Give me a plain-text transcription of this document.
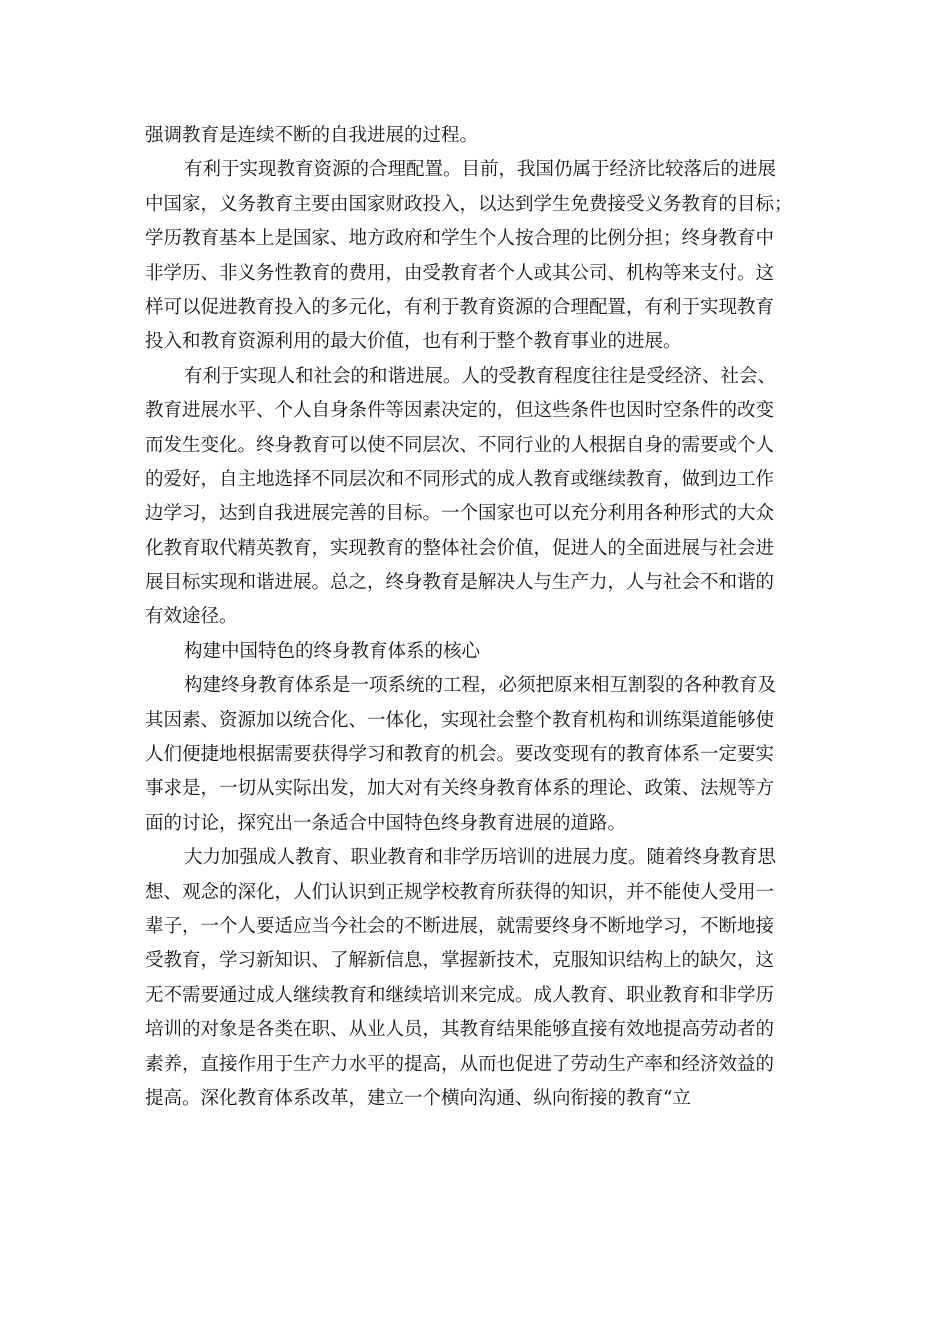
强调教育是连续不断的自我进展的过程。
有利于实现教育资源的合理配置。目前，我国仍属于经济比较落后的进展
中国家，义务教育主要由国家财政投入，以达到学生免费接受义务教育的目标；
学历教育基本上是国家、地方政府和学生个人按合理的比例分担；终身教育中
非学历、非义务性教育的费用，由受教育者个人或其公司、机构等来支付。这
样可以促进教育投入的多元化，有利于教育资源的合理配置，有利于实现教育
投入和教育资源利用的最大价值，也有利于整个教育事业的进展。
有利于实现人和社会的和谐进展。人的受教育程度往往是受经济、社会、
教育进展水平、个人自身条件等因素决定的，但这些条件也因时空条件的改变
而发生变化。终身教育可以使不同层次、不同行业的人根据自身的需要或个人
的爱好，自主地选择不同层次和不同形式的成人教育或继续教育，做到边工作
边学习，达到自我进展完善的目标。一个国家也可以充分利用各种形式的大众
化教育取代精英教育，实现教育的整体社会价值，促进人的全面进展与社会进
展目标实现和谐进展。总之，终身教育是解决人与生产力，人与社会不和谐的
有效途径。
构建中国特色的终身教育体系的核心
构建终身教育体系是一项系统的工程，必须把原来相互割裂的各种教育及
其因素、资源加以统合化、一体化，实现社会整个教育机构和训练渠道能够使
人们便捷地根据需要获得学习和教育的机会。要改变现有的教育体系一定要实
事求是，一切从实际出发，加大对有关终身教育体系的理论、政策、法规等方
面的讨论，探究出一条适合中国特色终身教育进展的道路。
大力加强成人教育、职业教育和非学历培训的进展力度。随着终身教育思
想、观念的深化，人们认识到正规学校教育所获得的知识，并不能使人受用一
辈子，一个人要适应当今社会的不断进展，就需要终身不断地学习，不断地接
受教育，学习新知识、了解新信息，掌握新技术，克服知识结构上的缺欠，这
无不需要通过成人继续教育和继续培训来完成。成人教育、职业教育和非学历
培训的对象是各类在职、从业人员，其教育结果能够直接有效地提高劳动者的
素养，直接作用于生产力水平的提高，从而也促进了劳动生产率和经济效益的
提高。深化教育体系改革，建立一个横向沟通、纵向衔接的教育“立
